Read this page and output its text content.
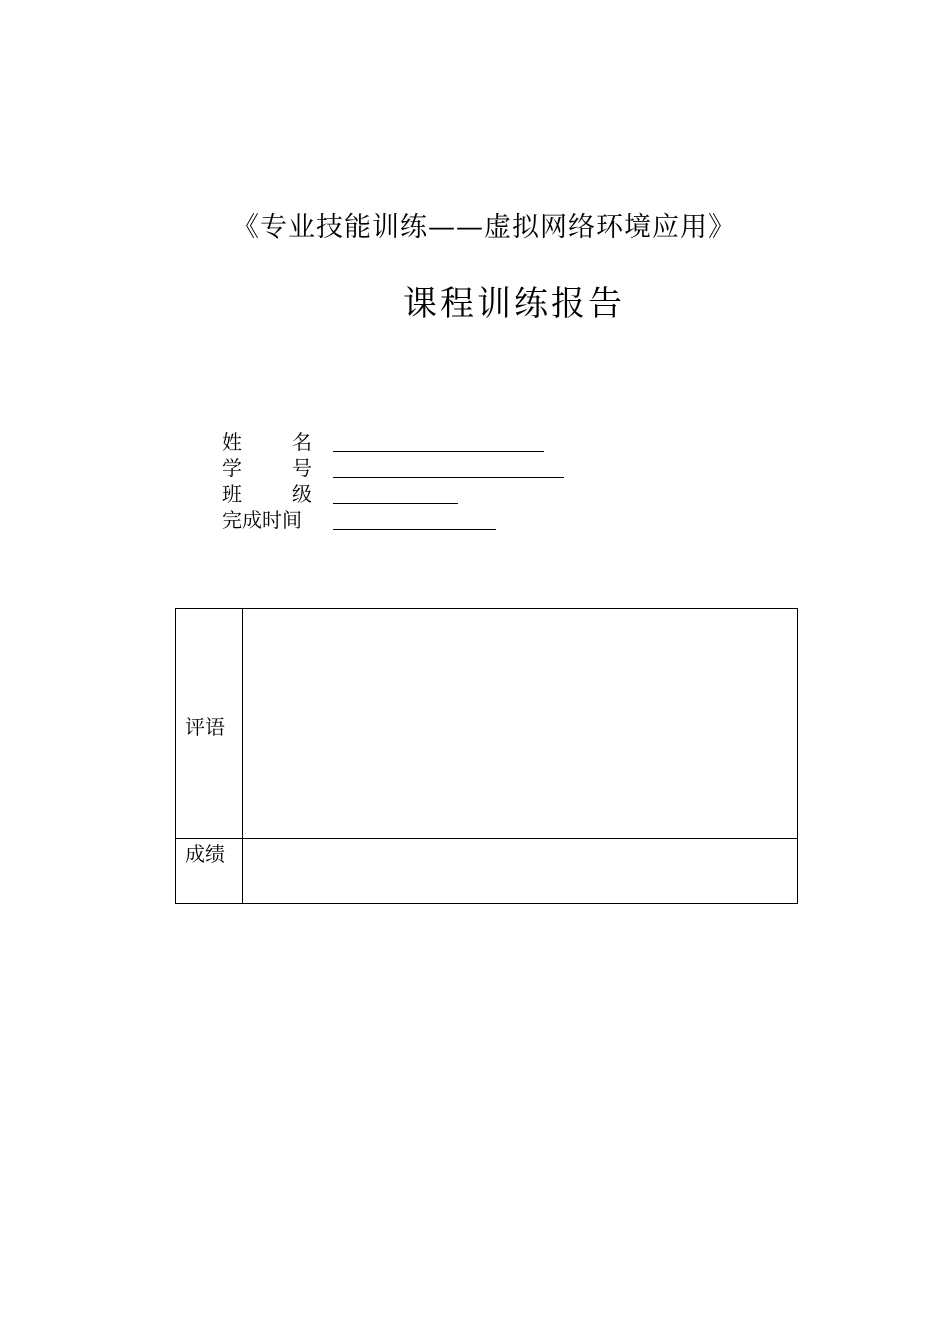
《专业技能训练——虚拟网络环境应用》
课程训练报告
姓	名
学	号
班	级
完成时间
评语
成绩
